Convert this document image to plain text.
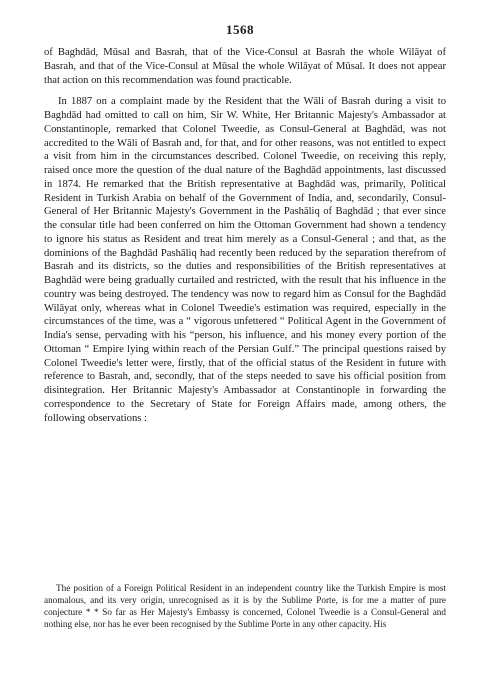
1568

of Baghdād, Mūsal and Basrah, that of the Vice-Consul at Basrah the whole Wilāyat of Basrah, and that of the Vice-Consul at Mūsal the whole Wilāyat of Mūsal. It does not appear that action on this recommendation was found practicable.

In 1887 on a complaint made by the Resident that the Wāli of Basrah during a visit to Baghdād had omitted to call on him, Sir W. White, Her Britannic Majesty's Ambassador at Constantinople, remarked that Colonel Tweedie, as Consul-General at Baghdād, was not accredited to the Wāli of Basrah and, for that, and for other reasons, was not entitled to expect a visit from him in the circumstances described. Colonel Tweedie, on receiving this reply, raised once more the question of the dual nature of the Baghdād appointments, last discussed in 1874. He remarked that the British representative at Baghdād was, primarily, Political Resident in Turkish Arabia on behalf of the Government of India, and, secondarily, Consul-General of Her Britannic Majesty's Government in the Pashāliq of Baghdād ; that ever since the consular title had been conferred on him the Ottoman Government had shown a tendency to ignore his status as Resident and treat him merely as a Consul-General ; and that, as the dominions of the Baghdād Pashāliq had recently been reduced by the separation therefrom of Basrah and its districts, so the duties and responsibilities of the British representatives at Baghdād were being gradually curtailed and restricted, with the result that his influence in the country was being destroyed. The tendency was now to regard him as Consul for the Baghdād Wilāyat only, whereas what in Colonel Tweedie's estimation was required, especially in the circumstances of the time, was a “ vigorous unfettered “ Political Agent in the Government of India's sense, pervading with his “person, his influence, and his money every portion of the Ottoman “ Empire lying within reach of the Persian Gulf.” The principal questions raised by Colonel Tweedie's letter were, firstly, that of the official status of the Resident in future with reference to Basrah, and, secondly, that of the steps needed to save his official position from disintegration. Her Britannic Majesty's Ambassador at Constantinople in forwarding the correspondence to the Secretary of State for Foreign Affairs made, among others, the following observations :

The position of a Foreign Political Resident in an independent country like the Turkish Empire is most anomalous, and its very origin, unrecognised as it is by the Sublime Porte, is for me a matter of pure conjecture * * So far as Her Majesty's Embassy is concerned, Colonel Tweedie is a Consul-General and nothing else, nor has he ever been recognised by the Sublime Porte in any other capacity. His
